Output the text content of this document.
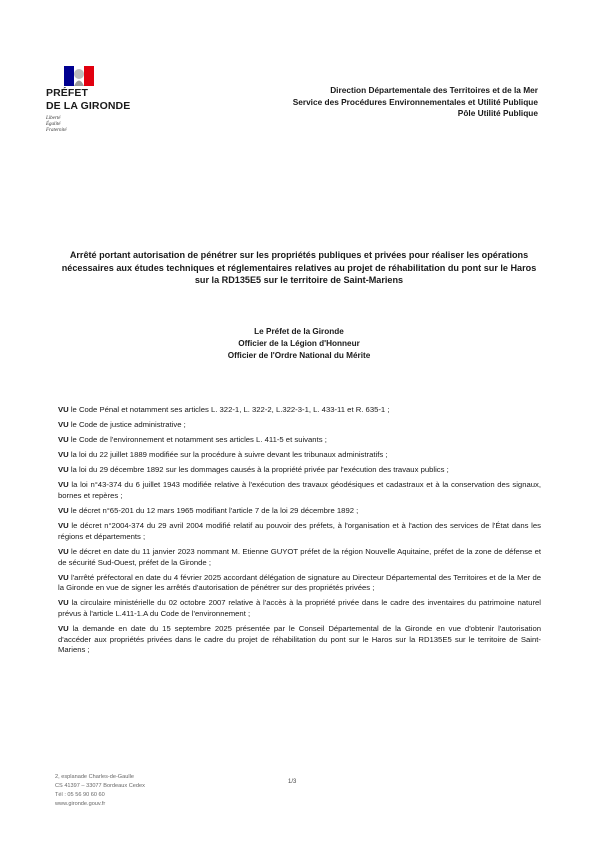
PRÉFET
DE LA GIRONDE
Liberté
Égalité
Fraternité
Direction Départementale des Territoires et de la Mer
Service des Procédures Environnementales et Utilité Publique
Pôle Utilité Publique
Arrêté portant autorisation de pénétrer sur les propriétés publiques et privées pour réaliser les opérations nécessaires aux études techniques et réglementaires relatives au projet de réhabilitation du pont sur le Haros sur la RD135E5 sur le territoire de Saint-Mariens
Le Préfet de la Gironde
Officier de la Légion d'Honneur
Officier de l'Ordre National du Mérite

VU le Code Pénal et notamment ses articles L. 322-1, L. 322-2, L.322-3-1, L. 433-11 et R. 635-1 ;

VU le Code de justice administrative ;

VU le Code de l'environnement et notamment ses articles L. 411-5 et suivants ;

VU la loi du 22 juillet 1889 modifiée sur la procédure à suivre devant les tribunaux administratifs ;

VU la loi du 29 décembre 1892 sur les dommages causés à la propriété privée par l'exécution des travaux publics ;

VU la loi n°43-374 du 6 juillet 1943 modifiée relative à l'exécution des travaux géodésiques et cadastraux et à la conservation des signaux, bornes et repères ;

VU le décret n°65-201 du 12 mars 1965 modifiant l'article 7 de la loi 29 décembre 1892 ;

VU le décret n°2004-374 du 29 avril 2004 modifié relatif au pouvoir des préfets, à l'organisation et à l'action des services de l'État dans les régions et départements ;

VU le décret en date du 11 janvier 2023 nommant M. Etienne GUYOT préfet de la région Nouvelle Aquitaine, préfet de la zone de défense et de sécurité Sud-Ouest, préfet de la Gironde ;

VU l'arrêté préfectoral en date du 4 février 2025 accordant délégation de signature au Directeur Départemental des Territoires et de la Mer de la Gironde en vue de signer les arrêtés d'autorisation de pénétrer sur des propriétés privées ;

VU la circulaire ministérielle du 02 octobre 2007 relative à l'accès à la propriété privée dans le cadre des inventaires du patrimoine naturel prévus à l'article L.411-1.A du Code de l'environnement ;

VU la demande en date du 15 septembre 2025 présentée par le Conseil Départemental de la Gironde en vue d'obtenir l'autorisation d'accéder aux propriétés privées dans le cadre du projet de réhabilitation du pont sur le Haros sur la RD135E5 sur le territoire de Saint-Mariens ;

2, esplanade Charles-de-Gaulle
CS 41397 – 33077 Bordeaux Cedex
Tél : 05 56 90 60 60
www.gironde.gouv.fr
1/3
